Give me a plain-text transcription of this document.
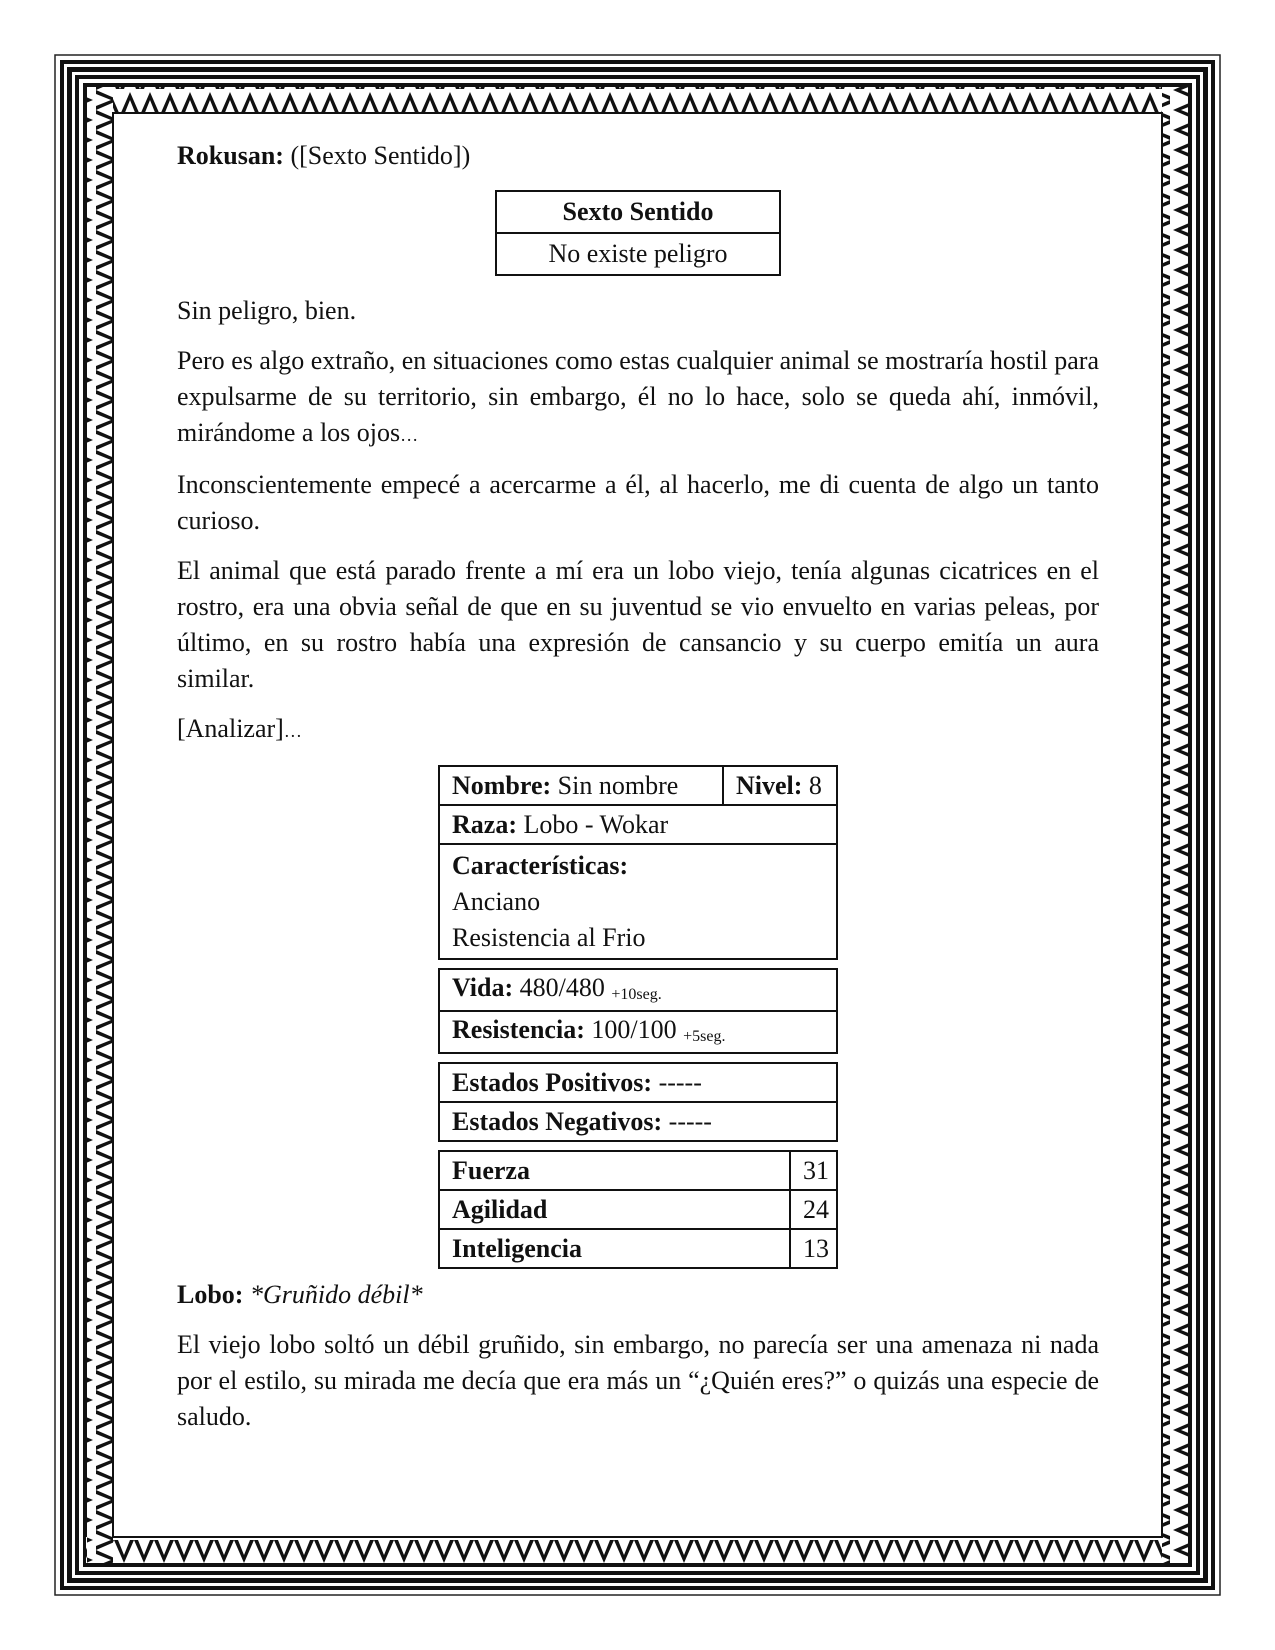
Rokusan: ([Sexto Sentido])

Sexto Sentido
No existe peligro

Sin peligro, bien.

Pero es algo extraño, en situaciones como estas cualquier animal se mostraría hostil para expulsarme de su territorio, sin embargo, él no lo hace, solo se queda ahí, inmóvil, mirándome a los ojos…

Inconscientemente empecé a acercarme a él, al hacerlo, me di cuenta de algo un tanto curioso.

El animal que está parado frente a mí era un lobo viejo, tenía algunas cicatrices en el rostro, era una obvia señal de que en su juventud se vio envuelto en varias peleas, por último, en su rostro había una expresión de cansancio y su cuerpo emitía un aura similar.

[Analizar]…

Nombre: Sin nombre	Nivel: 8
Raza: Lobo - Wokar

Características:
Anciano
Resistencia al Frio
Vida: 480/480 +10seg.
Resistencia: 100/100 +5seg.
Estados Positivos: -----
Estados Negativos: -----
Fuerza	31
Agilidad	24
Inteligencia	13

Lobo: *Gruñido débil*

El viejo lobo soltó un débil gruñido, sin embargo, no parecía ser una amenaza ni nada por el estilo, su mirada me decía que era más un “¿Quién eres?” o quizás una especie de saludo.
